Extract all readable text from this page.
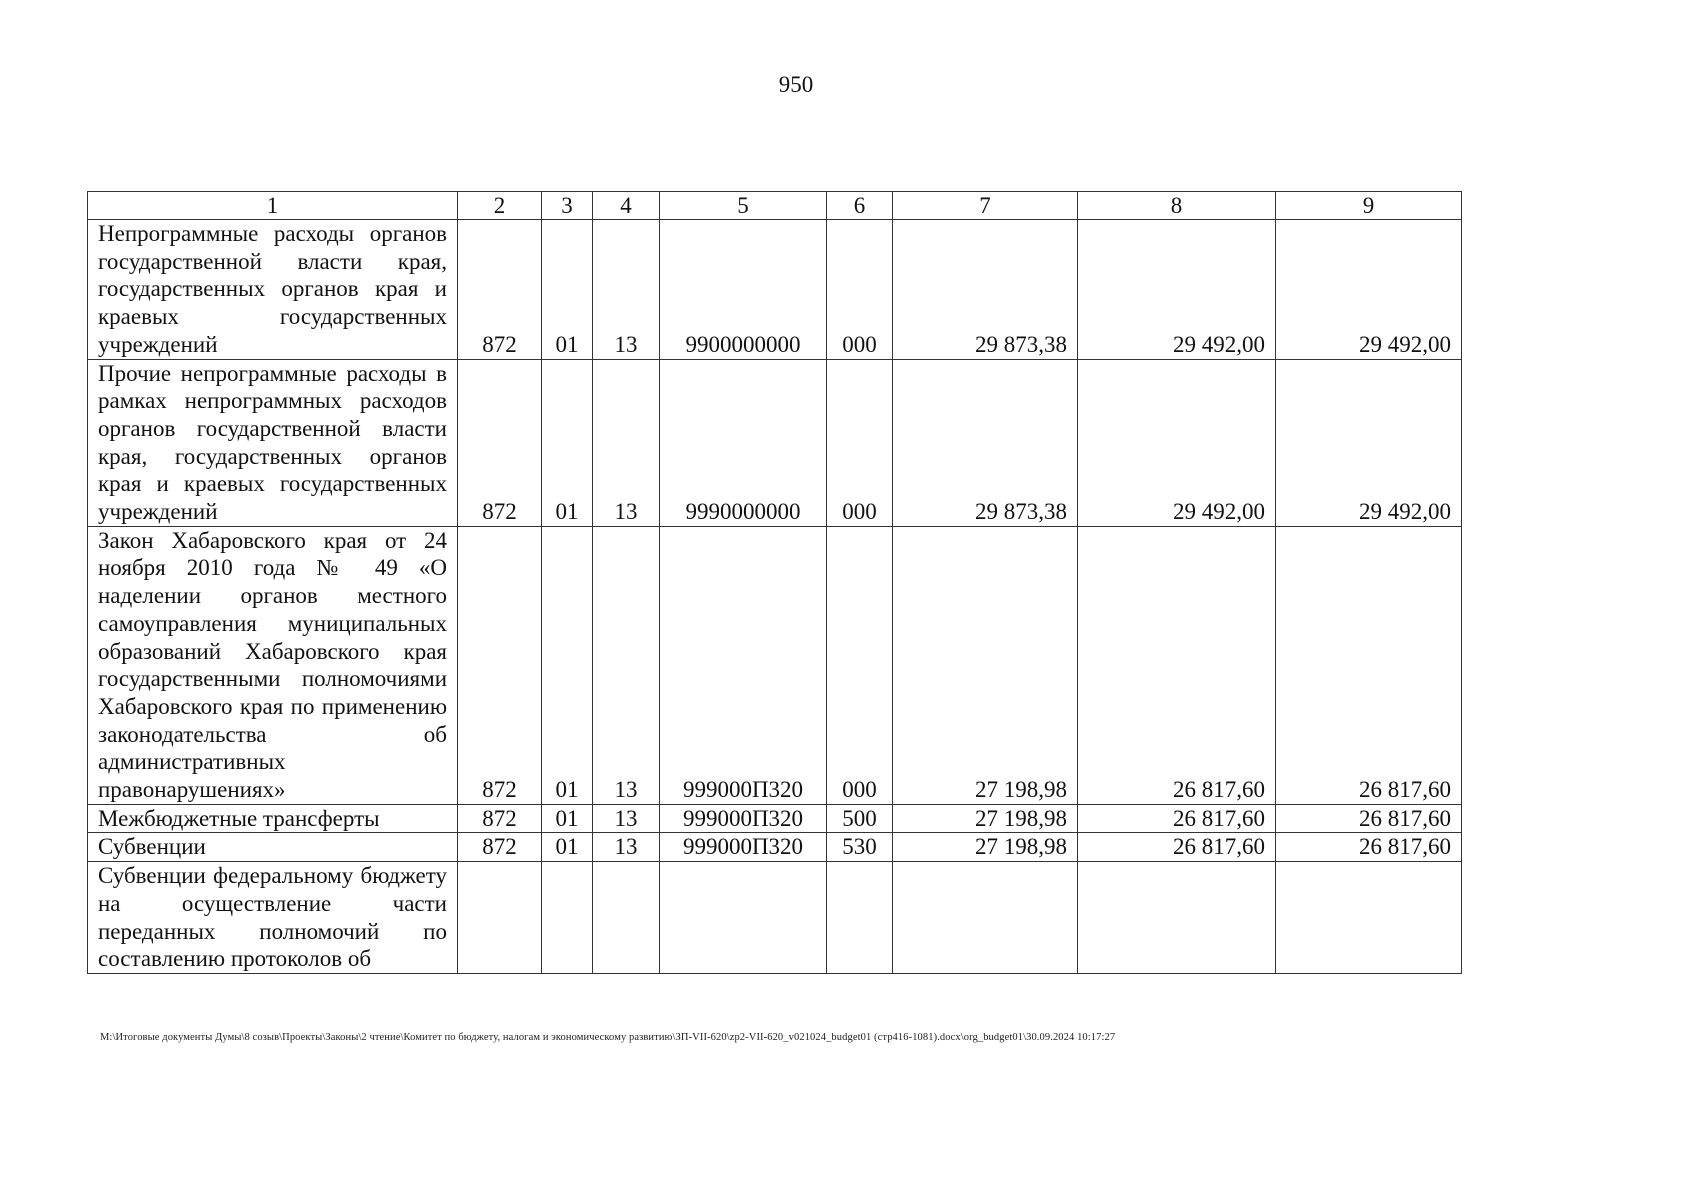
950
1	2	3	4	5	6	7	8	9
Непрограммные расходы органов государственной власти края, государственных органов края и краевых государственных учреждений	872	01	13	9900000000	000	29 873,38	29 492,00	29 492,00
Прочие непрограммные расходы в рамках непрограммных расходов органов государственной власти края, государственных органов края и краевых государственных учреждений	872	01	13	9990000000	000	29 873,38	29 492,00	29 492,00
Закон Хабаровского края от 24 ноября 2010 года № 49 «О наделении органов местного самоуправления муниципальных образований Хабаровского края государственными полномочиями Хабаровского края по применению законодательства об административных правонарушениях»	872	01	13	999000П320	000	27 198,98	26 817,60	26 817,60
Межбюджетные трансферты	872	01	13	999000П320	500	27 198,98	26 817,60	26 817,60
Субвенции	872	01	13	999000П320	530	27 198,98	26 817,60	26 817,60
Субвенции федеральному бюджету на осуществление части переданных полномочий по составлению протоколов об								
M:\Итоговые документы Думы\8 созыв\Проекты\Законы\2 чтение\Комитет по бюджету, налогам и экономическому развитию\ЗП-VII-620\zp2-VII-620_v021024_budget01 (стр416-1081).docx\org_budget01\30.09.2024 10:17:27
